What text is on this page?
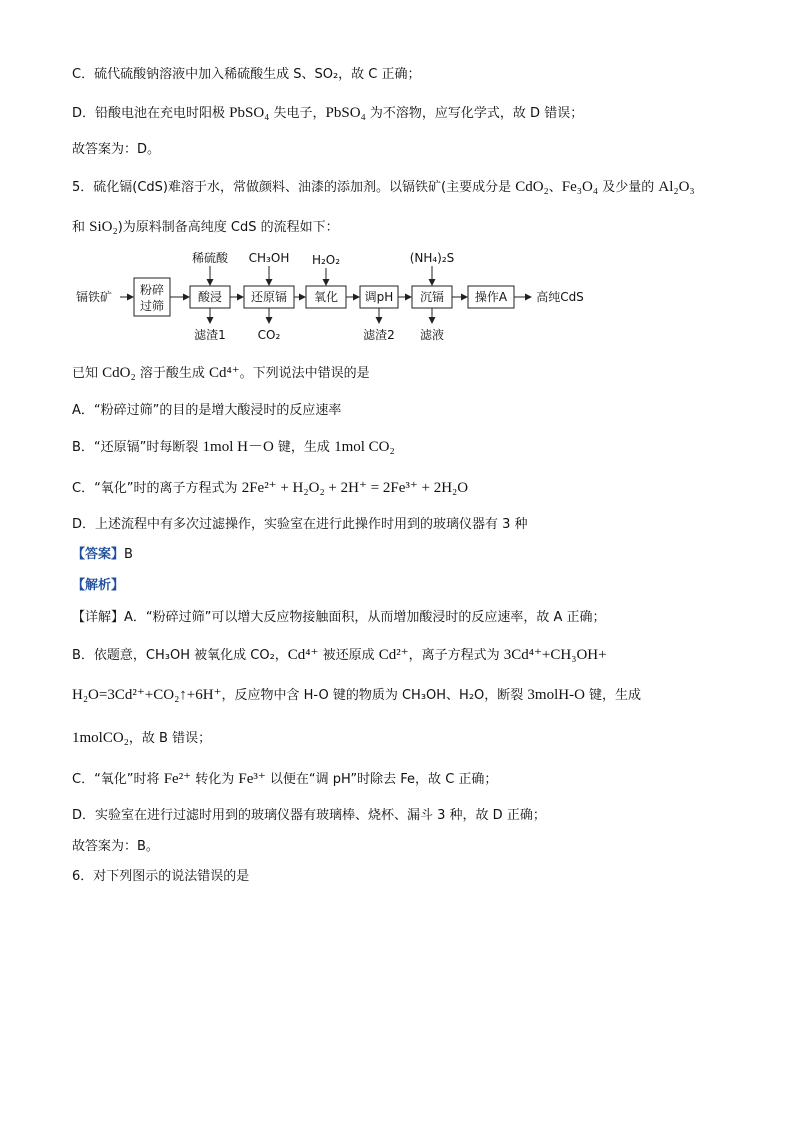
C．硫代硫酸钠溶液中加入稀硫酸生成 S、SO₂，故 C 正确；
D．铅酸电池在充电时阳极 PbSO₄ 失电子，PbSO₄ 为不溶物，应写化学式，故 D 错误；
故答案为：D。
5．硫化镉(CdS)难溶于水，常做颜料、油漆的添加剂。以镉铁矿(主要成分是 CdO₂、Fe₃O₄ 及少量的 Al₂O₃
和 SiO₂)为原料制备高纯度 CdS 的流程如下：
镉铁矿 粉碎
过筛
酸浸 还原镉 氧化 调pH 沉镉	操作A 高纯CdS
稀硫酸 CH₃OH H₂O₂	(NH₄)₂S
滤渣1	CO₂	滤渣2 滤液
已知 CdO₂ 溶于酸生成 Cd⁴⁺。下列说法中错误的是
A．“粉碎过筛”的目的是增大酸浸时的反应速率
B．“还原镉”时每断裂 1mol H－O 键，生成 1mol CO₂
C．“氧化”时的离子方程式为 2Fe²⁺ + H₂O₂ + 2H⁺ = 2Fe³⁺ + 2H₂O
D．上述流程中有多次过滤操作，实验室在进行此操作时用到的玻璃仪器有 3 种
【答案】B
【解析】
【详解】A．“粉碎过筛”可以增大反应物接触面积，从而增加酸浸时的反应速率，故 A 正确；
B．依题意，CH₃OH 被氧化成 CO₂，Cd⁴⁺ 被还原成 Cd²⁺，离子方程式为 3Cd⁴⁺+CH₃OH+
H₂O=3Cd²⁺+CO₂↑+6H⁺，反应物中含 H-O 键的物质为 CH₃OH、H₂O，断裂 3molH-O 键，生成
1molCO₂，故 B 错误；
C．“氧化”时将 Fe²⁺ 转化为 Fe³⁺ 以便在“调 pH”时除去 Fe，故 C 正确；
D．实验室在进行过滤时用到的玻璃仪器有玻璃棒、烧杯、漏斗 3 种，故 D 正确；
故答案为：B。
6．对下列图示的说法错误的是
